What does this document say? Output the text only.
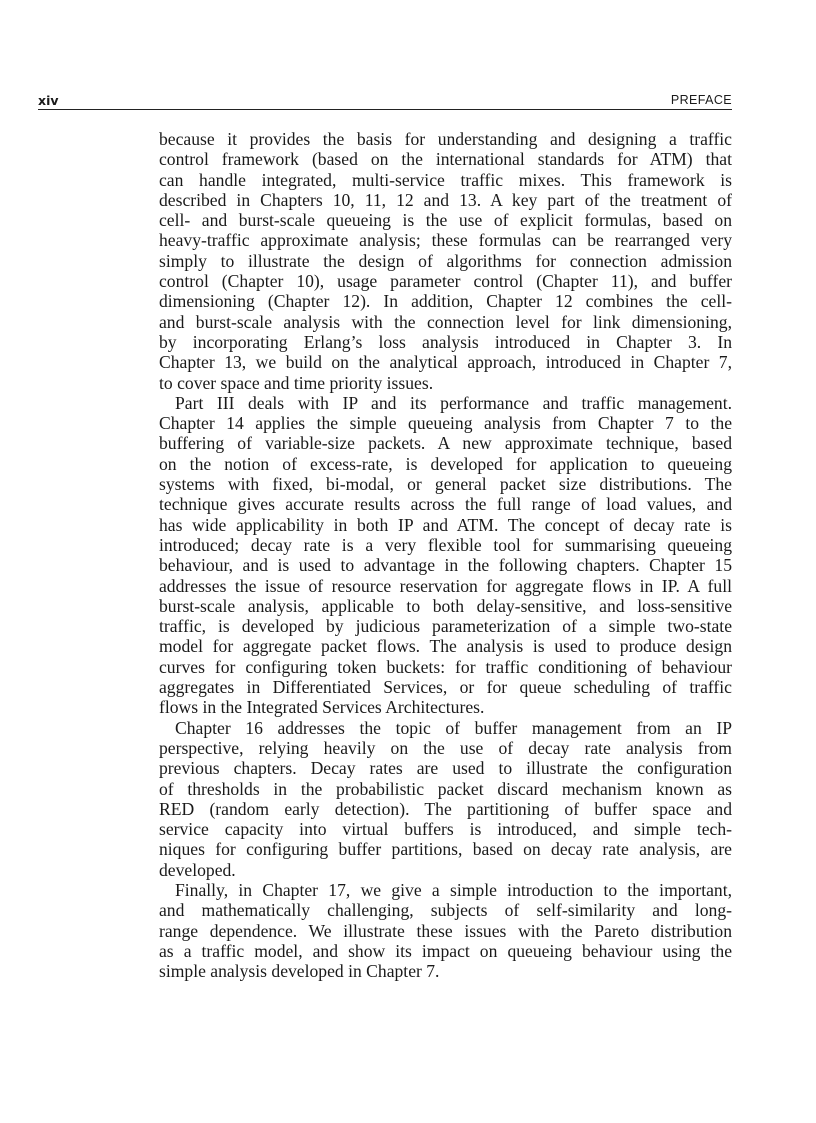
xiv	PREFACE
because it provides the basis for understanding and designing a traffic
control framework (based on the international standards for ATM) that
can handle integrated, multi-service traffic mixes. This framework is
described in Chapters 10, 11, 12 and 13. A key part of the treatment of
cell- and burst-scale queueing is the use of explicit formulas, based on
heavy-traffic approximate analysis; these formulas can be rearranged very
simply to illustrate the design of algorithms for connection admission
control (Chapter 10), usage parameter control (Chapter 11), and buffer
dimensioning (Chapter 12). In addition, Chapter 12 combines the cell-
and burst-scale analysis with the connection level for link dimensioning,
by incorporating Erlang’s loss analysis introduced in Chapter 3. In
Chapter 13, we build on the analytical approach, introduced in Chapter 7,
to cover space and time priority issues.
Part III deals with IP and its performance and traffic management.
Chapter 14 applies the simple queueing analysis from Chapter 7 to the
buffering of variable-size packets. A new approximate technique, based
on the notion of excess-rate, is developed for application to queueing
systems with fixed, bi-modal, or general packet size distributions. The
technique gives accurate results across the full range of load values, and
has wide applicability in both IP and ATM. The concept of decay rate is
introduced; decay rate is a very flexible tool for summarising queueing
behaviour, and is used to advantage in the following chapters. Chapter 15
addresses the issue of resource reservation for aggregate flows in IP. A full
burst-scale analysis, applicable to both delay-sensitive, and loss-sensitive
traffic, is developed by judicious parameterization of a simple two-state
model for aggregate packet flows. The analysis is used to produce design
curves for configuring token buckets: for traffic conditioning of behaviour
aggregates in Differentiated Services, or for queue scheduling of traffic
flows in the Integrated Services Architectures.
Chapter 16 addresses the topic of buffer management from an IP
perspective, relying heavily on the use of decay rate analysis from
previous chapters. Decay rates are used to illustrate the configuration
of thresholds in the probabilistic packet discard mechanism known as
RED (random early detection). The partitioning of buffer space and
service capacity into virtual buffers is introduced, and simple tech-
niques for configuring buffer partitions, based on decay rate analysis, are
developed.
Finally, in Chapter 17, we give a simple introduction to the important,
and mathematically challenging, subjects of self-similarity and long-
range dependence. We illustrate these issues with the Pareto distribution
as a traffic model, and show its impact on queueing behaviour using the
simple analysis developed in Chapter 7.
